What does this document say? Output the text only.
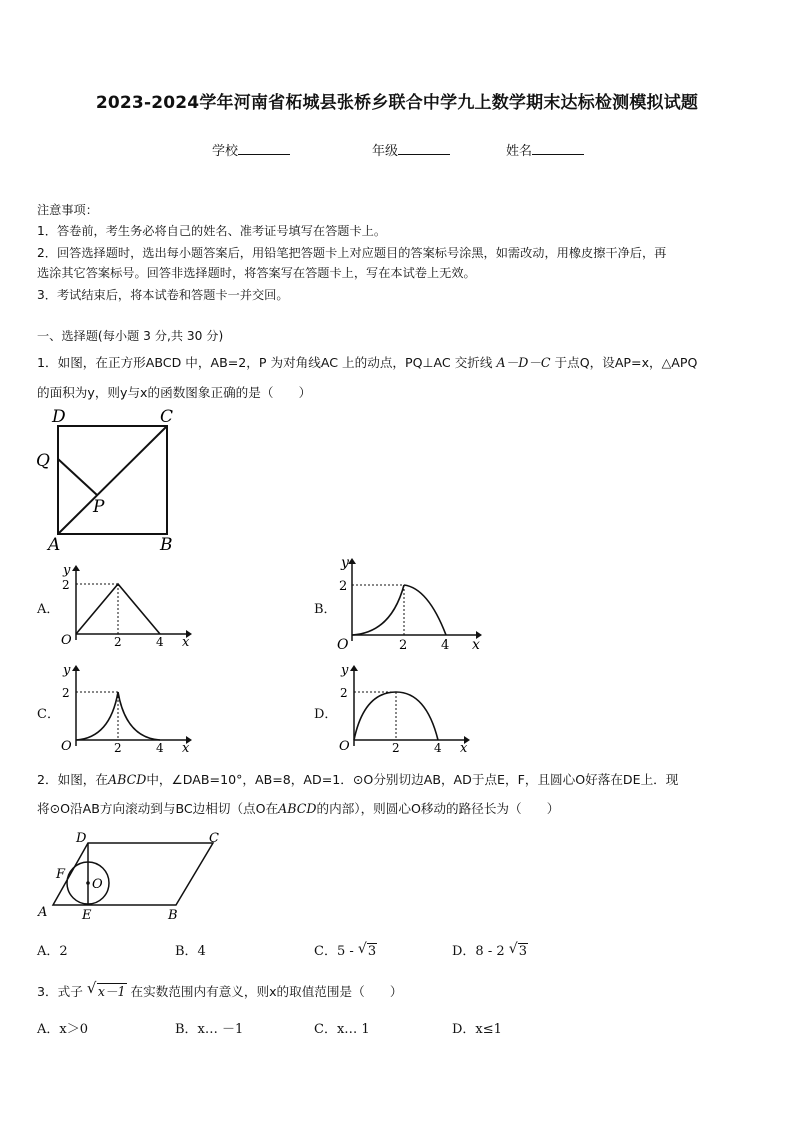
2023-2024学年河南省柘城县张桥乡联合中学九上数学期末达标检测模拟试题
学校	年级	姓名
注意事项：
1．答卷前，考生务必将自己的姓名、准考证号填写在答题卡上。
2．回答选择题时，选出每小题答案后，用铅笔把答题卡上对应题目的答案标号涂黑，如需改动，用橡皮擦干净后，再
选涂其它答案标号。回答非选择题时，将答案写在答题卡上，写在本试卷上无效。
3．考试结束后，将本试卷和答题卡一并交回。
一、选择题(每小题 3 分,共 30 分)
1．如图，在正方形ABCD 中，AB=2，P 为对角线AC 上的动点，PQ⊥AC 交折线 A－D－C 于点Q，设AP=x，△APQ
的面积为y，则y与x的函数图象正确的是（　　）
D	C
Q
P
A	B
A．
y
x
O
2
2	4
B．
y
x
O
2
2	4
C．
y
x
O
2
2	4
D．
y
x
O
2
2	4
2．如图，在ABCD中，∠DAB=10°，AB=8，AD=1．⊙O分别切边AB，AD于点E，F，且圆心O好落在DE上．现
将⊙O沿AB方向滚动到与BC边相切（点O在ABCD的内部），则圆心O移动的路径长为（　　）
D	C
F
O
A	E	B
A．2	B．4	C．5 - √ 3	D．8 - 2 √ 3
3．式子 √ x－1 在实数范围内有意义，则x的取值范围是（　　）
A．x＞0	B．x… －1	C．x… 1	D．x≤1
